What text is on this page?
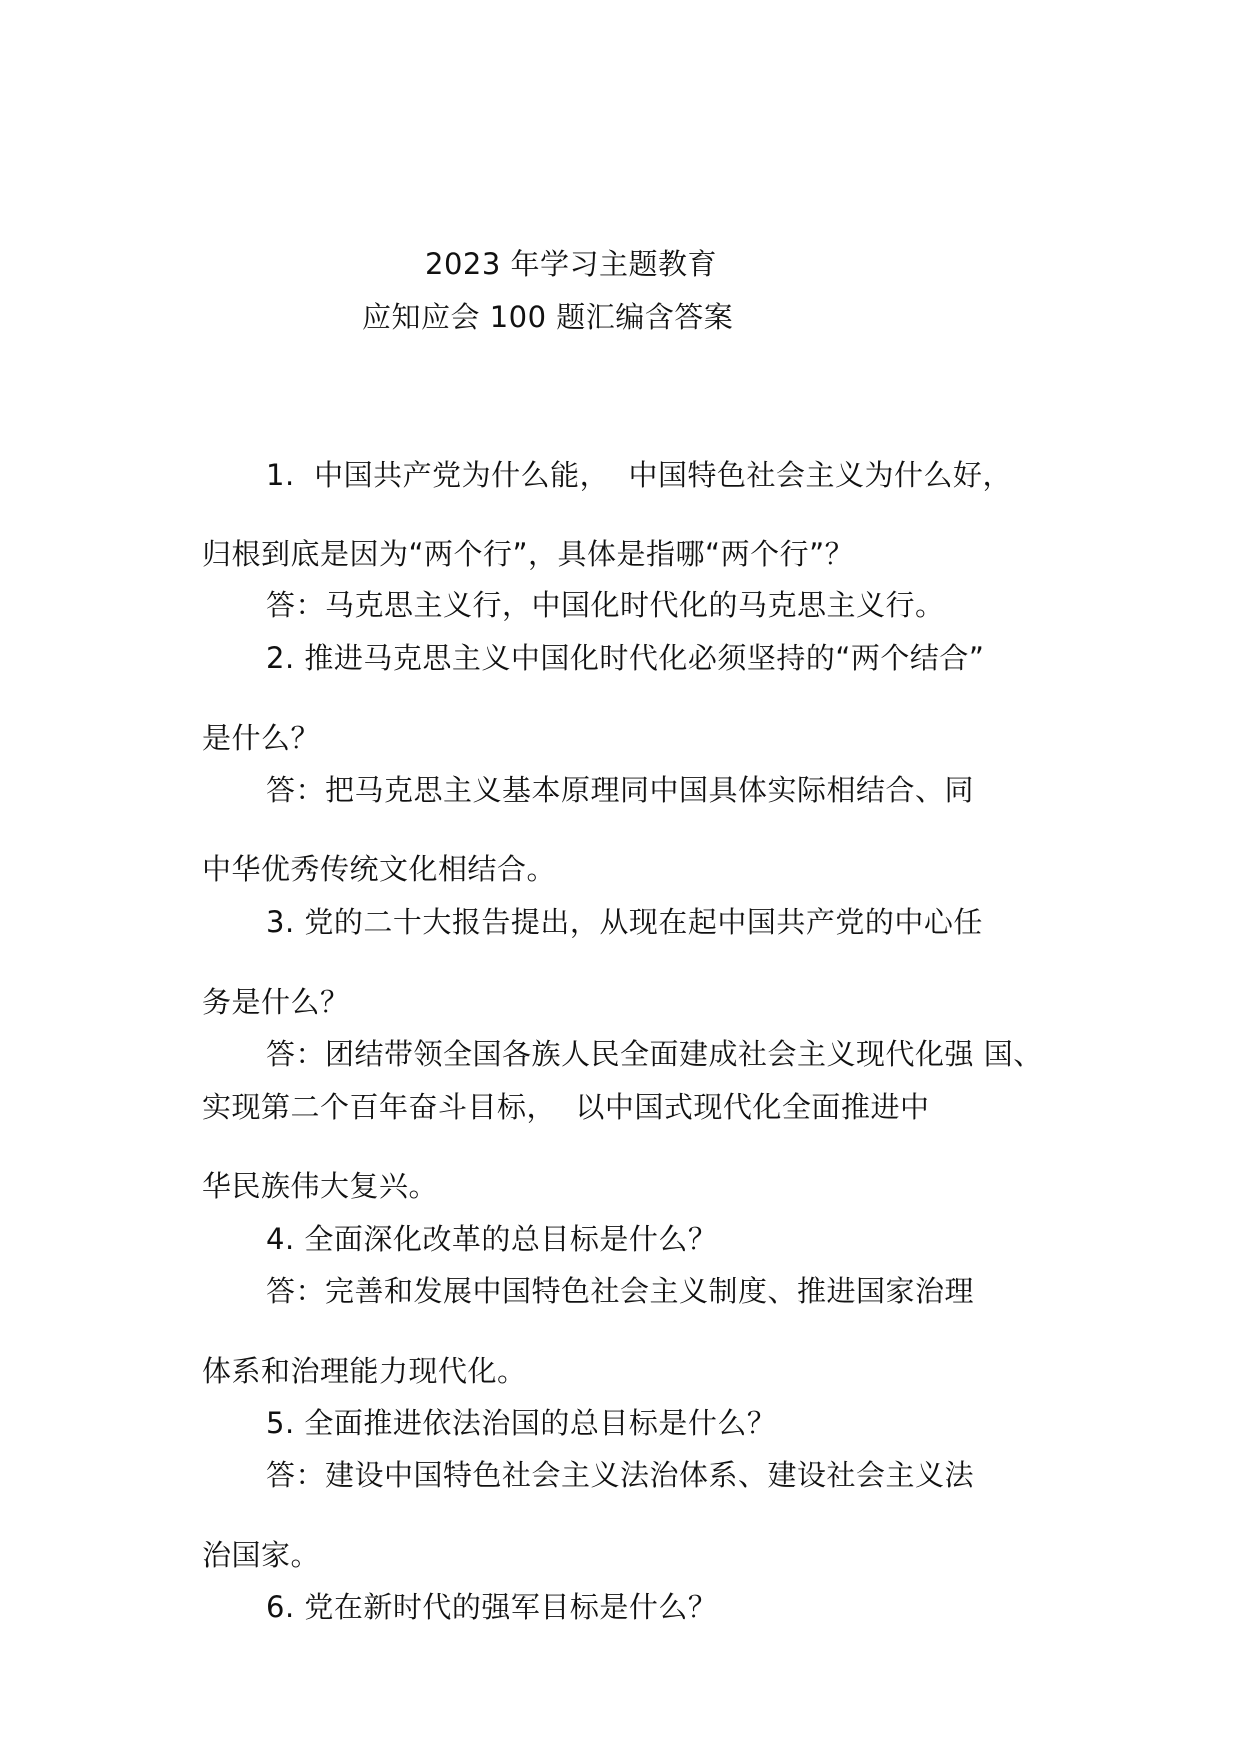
2023 年学习主题教育
应知应会 100 题汇编含答案
1.  中国共产党为什么能，  中国特色社会主义为什么好，
归根到底是因为“两个行”，具体是指哪“两个行”？
答：马克思主义行，中国化时代化的马克思主义行。
2. 推进马克思主义中国化时代化必须坚持的“两个结合”
是什么？
答：把马克思主义基本原理同中国具体实际相结合、同
中华优秀传统文化相结合。
3. 党的二十大报告提出，从现在起中国共产党的中心任
务是什么？
答：团结带领全国各族人民全面建成社会主义现代化强 国、
实现第二个百年奋斗目标，  以中国式现代化全面推进中
华民族伟大复兴。
4. 全面深化改革的总目标是什么？
答：完善和发展中国特色社会主义制度、推进国家治理
体系和治理能力现代化。
5. 全面推进依法治国的总目标是什么？
答：建设中国特色社会主义法治体系、建设社会主义法
治国家。
6. 党在新时代的强军目标是什么？
